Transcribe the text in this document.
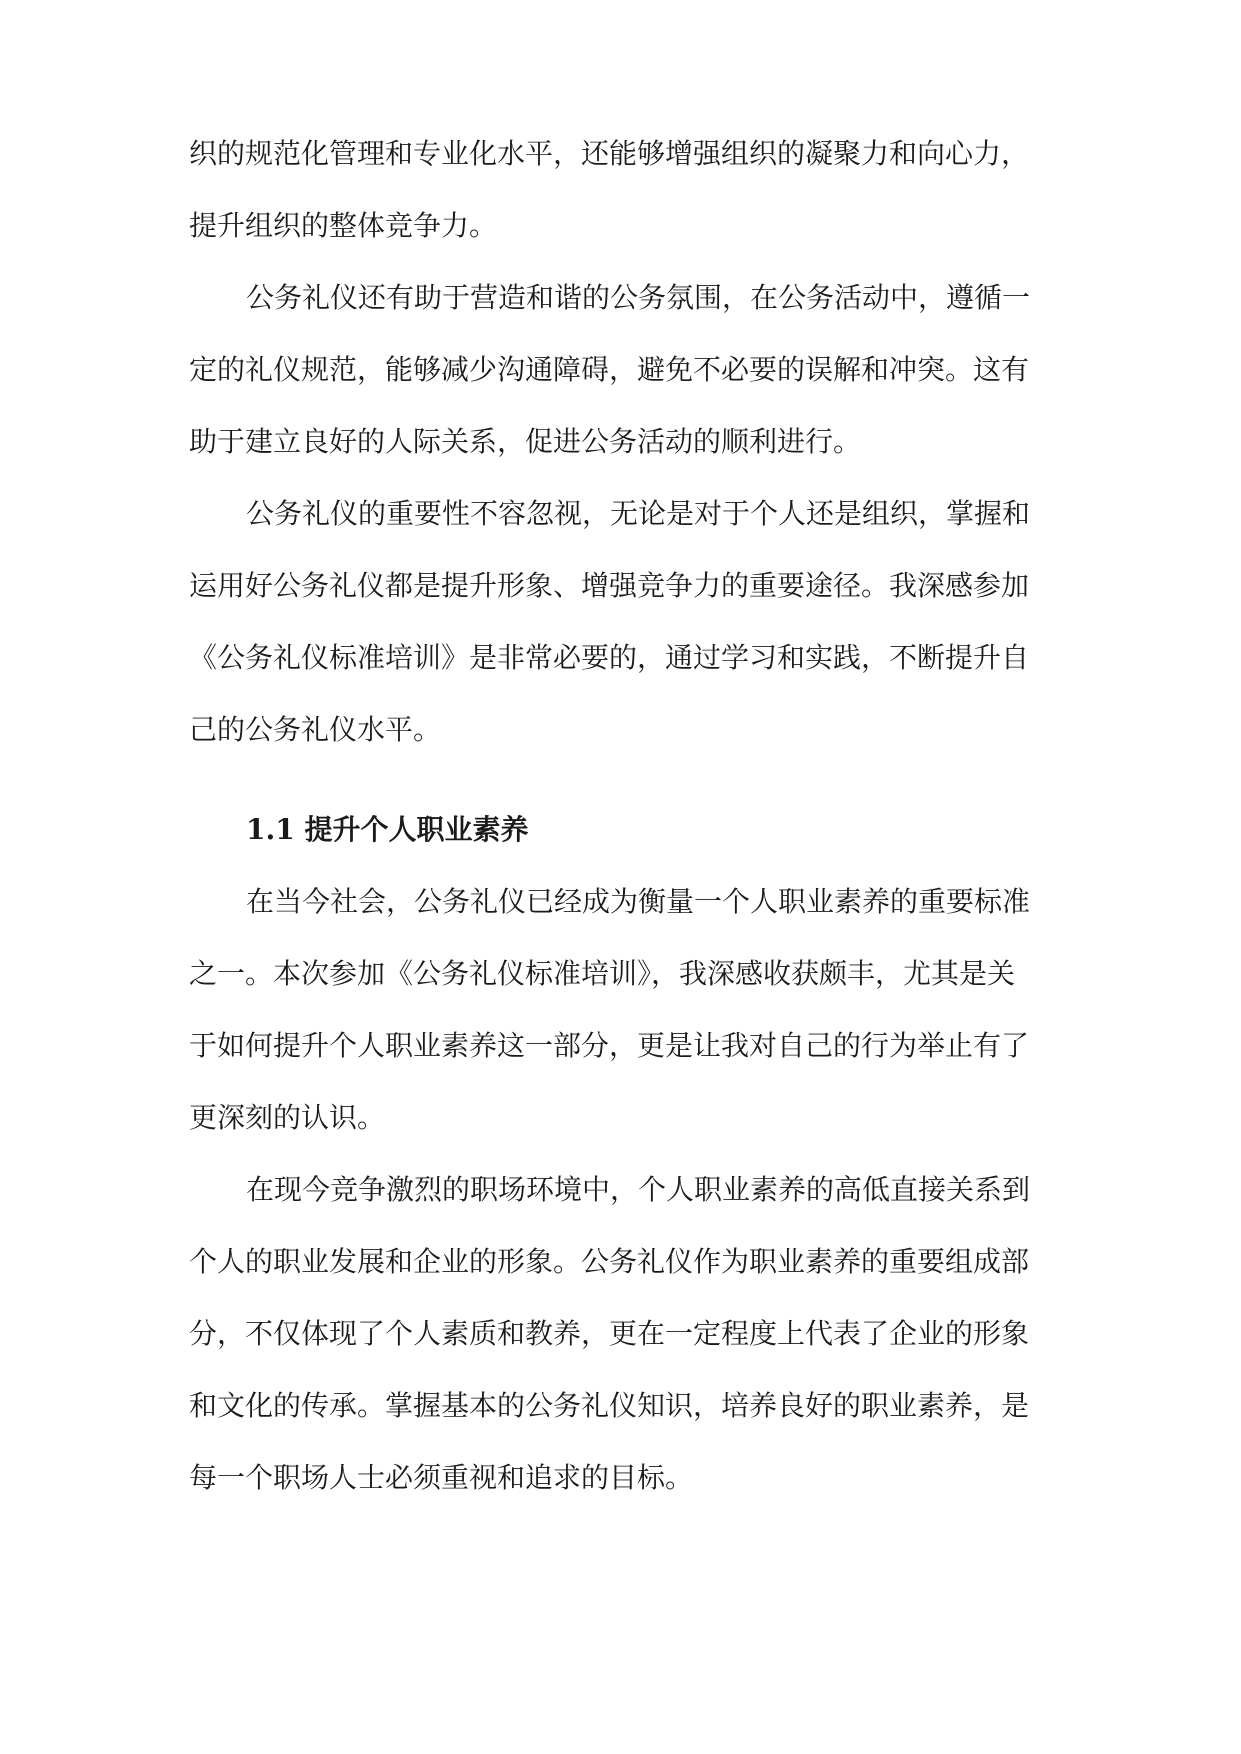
织的规范化管理和专业化水平，还能够增强组织的凝聚力和向心力，
提升组织的整体竞争力。
公务礼仪还有助于营造和谐的公务氛围，在公务活动中，遵循一
定的礼仪规范，能够减少沟通障碍，避免不必要的误解和冲突。这有
助于建立良好的人际关系，促进公务活动的顺利进行。
公务礼仪的重要性不容忽视，无论是对于个人还是组织，掌握和
运用好公务礼仪都是提升形象、增强竞争力的重要途径。我深感参加
《公务礼仪标准培训》是非常必要的，通过学习和实践，不断提升自
己的公务礼仪水平。
1.1 提升个人职业素养
在当今社会，公务礼仪已经成为衡量一个人职业素养的重要标准
之一。本次参加《公务礼仪标准培训》，我深感收获颇丰，尤其是关
于如何提升个人职业素养这一部分，更是让我对自己的行为举止有了
更深刻的认识。
在现今竞争激烈的职场环境中，个人职业素养的高低直接关系到
个人的职业发展和企业的形象。公务礼仪作为职业素养的重要组成部
分，不仅体现了个人素质和教养，更在一定程度上代表了企业的形象
和文化的传承。掌握基本的公务礼仪知识，培养良好的职业素养，是
每一个职场人士必须重视和追求的目标。
